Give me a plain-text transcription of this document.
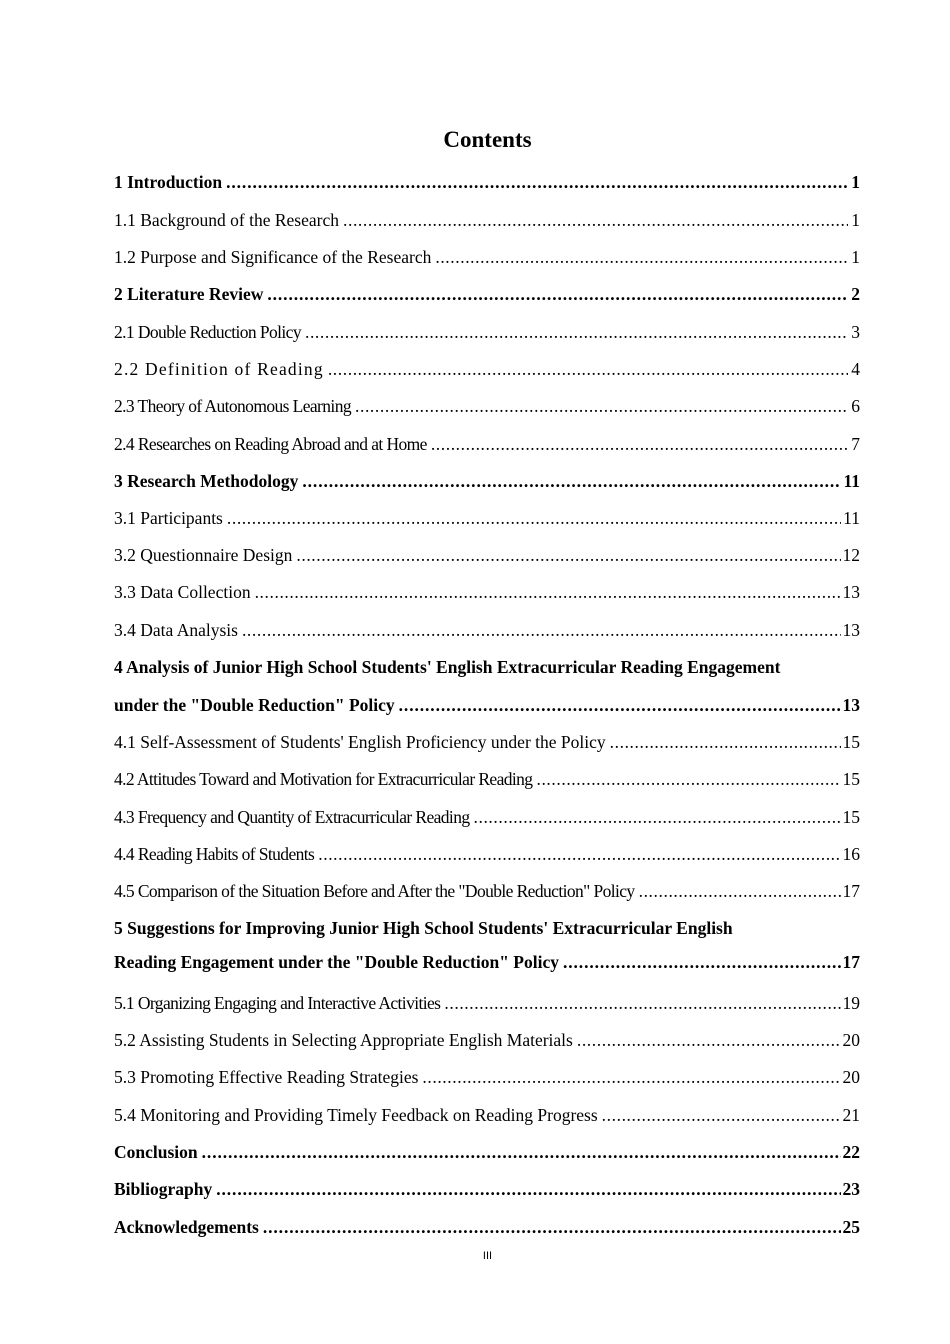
Contents
1 Introduction .....	1
1.1 Background of the Research .....	1
1.2 Purpose and Significance of the Research .....	1
2 Literature Review .....	2
2.1 Double Reduction Policy .....	3
2.2 Definition of Reading .....	4
2.3 Theory of Autonomous Learning .....	6
2.4 Researches on Reading Abroad and at Home .....	7
3 Research Methodology .....	11
3.1 Participants .....	11
3.2 Questionnaire Design .....	12
3.3 Data Collection .....	13
3.4 Data Analysis .....	13
4 Analysis of Junior High School Students' English Extracurricular Reading Engagement
under the "Double Reduction" Policy .....	13
4.1 Self-Assessment of Students' English Proficiency under the Policy .....	15
4.2 Attitudes Toward and Motivation for Extracurricular Reading .....	15
4.3 Frequency and Quantity of Extracurricular Reading .....	15
4.4 Reading Habits of Students .....	16
4.5 Comparison of the Situation Before and After the "Double Reduction" Policy .....	17
5 Suggestions for Improving Junior High School Students' Extracurricular English
Reading Engagement under the "Double Reduction" Policy .....	17
5.1 Organizing Engaging and Interactive Activities .....	19
5.2 Assisting Students in Selecting Appropriate English Materials .....	20
5.3 Promoting Effective Reading Strategies .....	20
5.4 Monitoring and Providing Timely Feedback on Reading Progress .....	21
Conclusion .....	22
Bibliography .....	23
Acknowledgements .....	25
III
